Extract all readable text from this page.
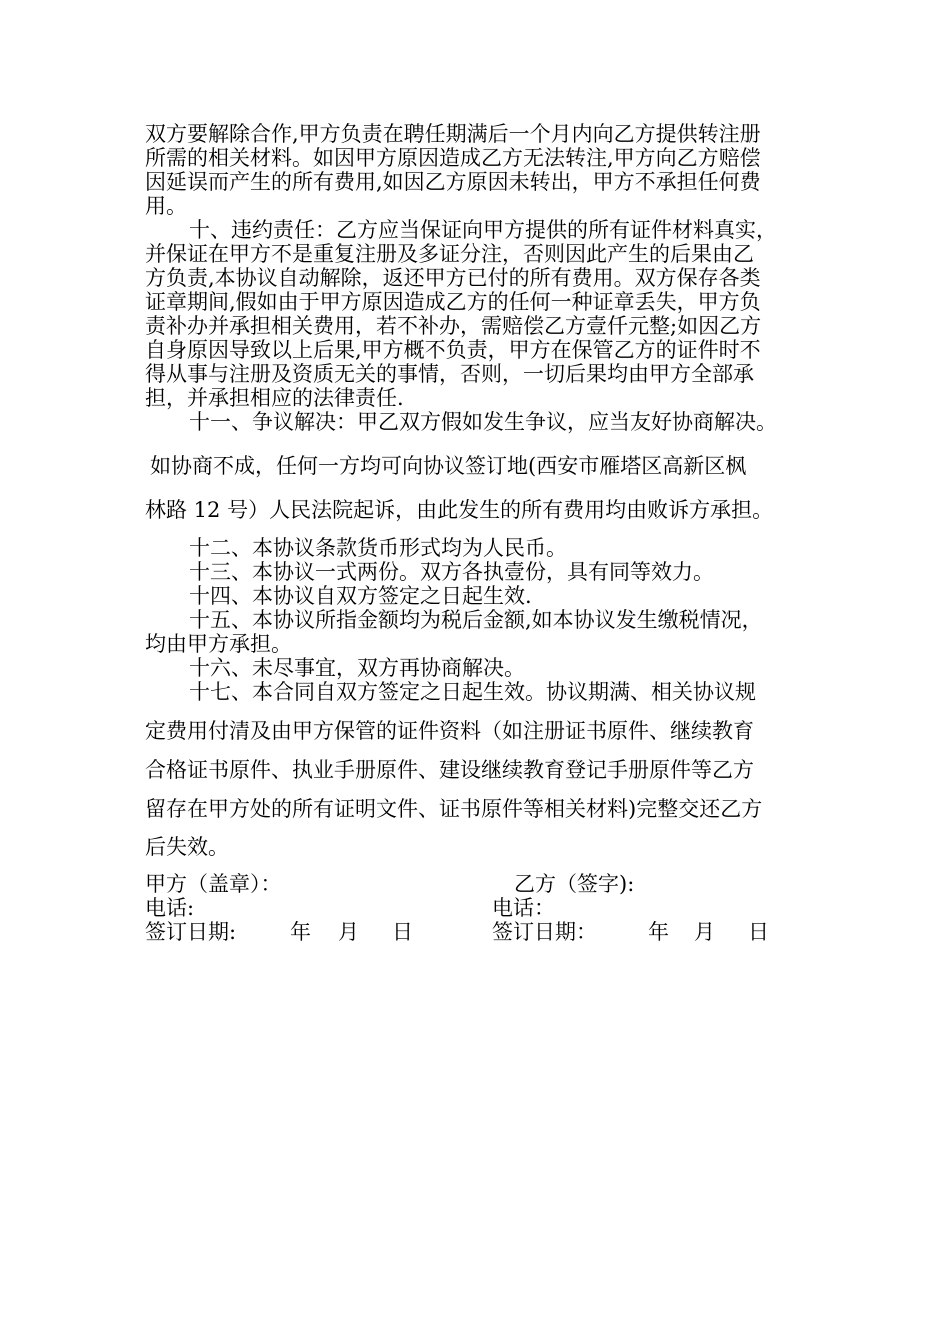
双方要解除合作,甲方负责在聘任期满后一个月内向乙方提供转注册
所需的相关材料。如因甲方原因造成乙方无法转注,甲方向乙方赔偿
因延误而产生的所有费用,如因乙方原因未转出，甲方不承担任何费
用。
十、违约责任：乙方应当保证向甲方提供的所有证件材料真实，
并保证在甲方不是重复注册及多证分注，否则因此产生的后果由乙
方负责,本协议自动解除，返还甲方已付的所有费用。双方保存各类
证章期间,假如由于甲方原因造成乙方的任何一种证章丢失，甲方负
责补办并承担相关费用，若不补办，需赔偿乙方壹仟元整;如因乙方
自身原因导致以上后果,甲方概不负责，甲方在保管乙方的证件时不
得从事与注册及资质无关的事情，否则，一切后果均由甲方全部承
担，并承担相应的法律责任.
十一、争议解决：甲乙双方假如发生争议，应当友好协商解决。
如协商不成，任何一方均可向协议签订地(西安市雁塔区高新区枫
林路 12 号）人民法院起诉，由此发生的所有费用均由败诉方承担。
十二、本协议条款货币形式均为人民币。
十三、本协议一式两份。双方各执壹份，具有同等效力。
十四、本协议自双方签定之日起生效.
十五、本协议所指金额均为税后金额,如本协议发生缴税情况，
均由甲方承担。
十六、未尽事宜，双方再协商解决。
十七、本合同自双方签定之日起生效。协议期满、相关协议规
定费用付清及由甲方保管的证件资料（如注册证书原件、继续教育
合格证书原件、执业手册原件、建设继续教育登记手册原件等乙方
留存在甲方处的所有证明文件、证书原件等相关材料)完整交还乙方
后失效。
甲方（盖章）：	乙方（签字):
电话:	电话：
签订日期:	年 月 日	签订日期： 年 月 日
